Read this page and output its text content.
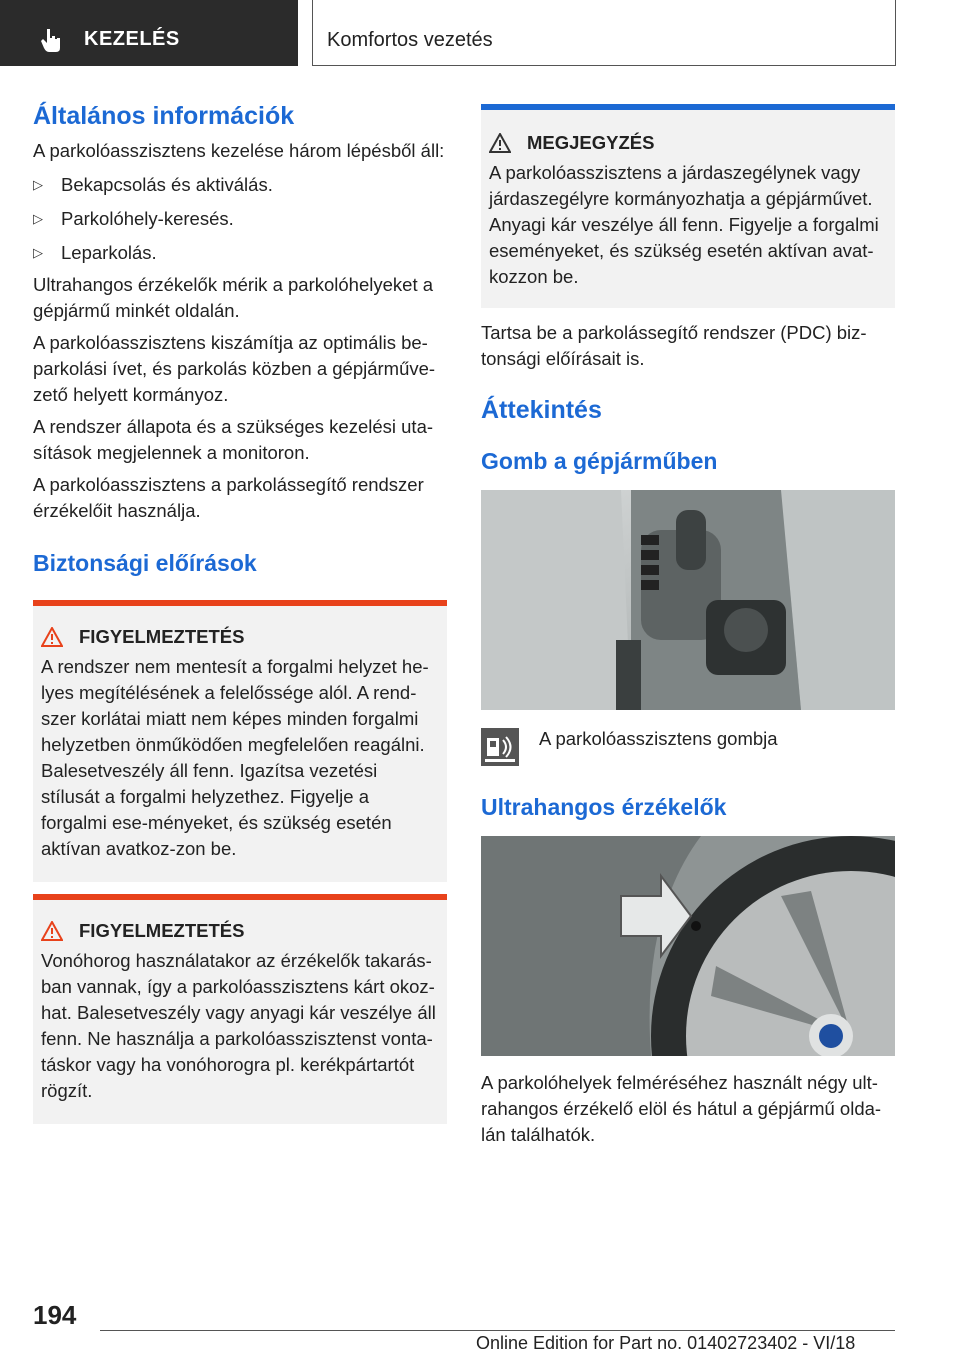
KEZELÉS	Komfortos vezetés
Általános információk

A parkolóasszisztens kezelése három lépésből áll:

▷ Bekapcsolás és aktiválás.
▷ Parkolóhely-keresés.
▷ Leparkolás.

Ultrahangos érzékelők mérik a parkolóhelyeket a gépjármű minkét oldalán.

A parkolóasszisztens kiszámítja az optimális be-parkolási ívet, és parkolás közben a gépjárműve-zető helyett kormányoz.

A rendszer állapota és a szükséges kezelési uta-sítások megjelennek a monitoron.

A parkolóasszisztens a parkolássegítő rendszer érzékelőit használja.

Biztonsági előírások
FIGYELMEZTETÉS

A rendszer nem mentesít a forgalmi helyzet he-lyes megítélésének a felelőssége alól. A rend-szer korlátai miatt nem képes minden forgalmi helyzetben önműködően megfelelően reagálni. Balesetveszély áll fenn. Igazítsa vezetési stílusát a forgalmi helyzethez. Figyelje a forgalmi ese-ményeket, és szükség esetén aktívan avatkoz-zon be.

FIGYELMEZTETÉS

Vonóhorog használatakor az érzékelők takarás-ban vannak, így a parkolóasszisztens kárt okoz-hat. Balesetveszély vagy anyagi kár veszélye áll fenn. Ne használja a parkolóasszisztenst vonta-táskor vagy ha vonóhorogra pl. kerékpártartót rögzít.

MEGJEGYZÉS

A parkolóasszisztens a járdaszegélynek vagy járdaszegélyre kormányozhatja a gépjárművet. Anyagi kár veszélye áll fenn. Figyelje a forgalmi eseményeket, és szükség esetén aktívan avat-kozzon be.

Tartsa be a parkolássegítő rendszer (PDC) biz-tonsági előírásait is.

Áttekintés
Gomb a gépjárműben

A parkolóasszisztens gombja

Ultrahangos érzékelők

A parkolóhelyek felméréséhez használt négy ult-rahangos érzékelő elöl és hátul a gépjármű olda-lán találhatók.

194
Online Edition for Part no. 01402723402 - VI/18
